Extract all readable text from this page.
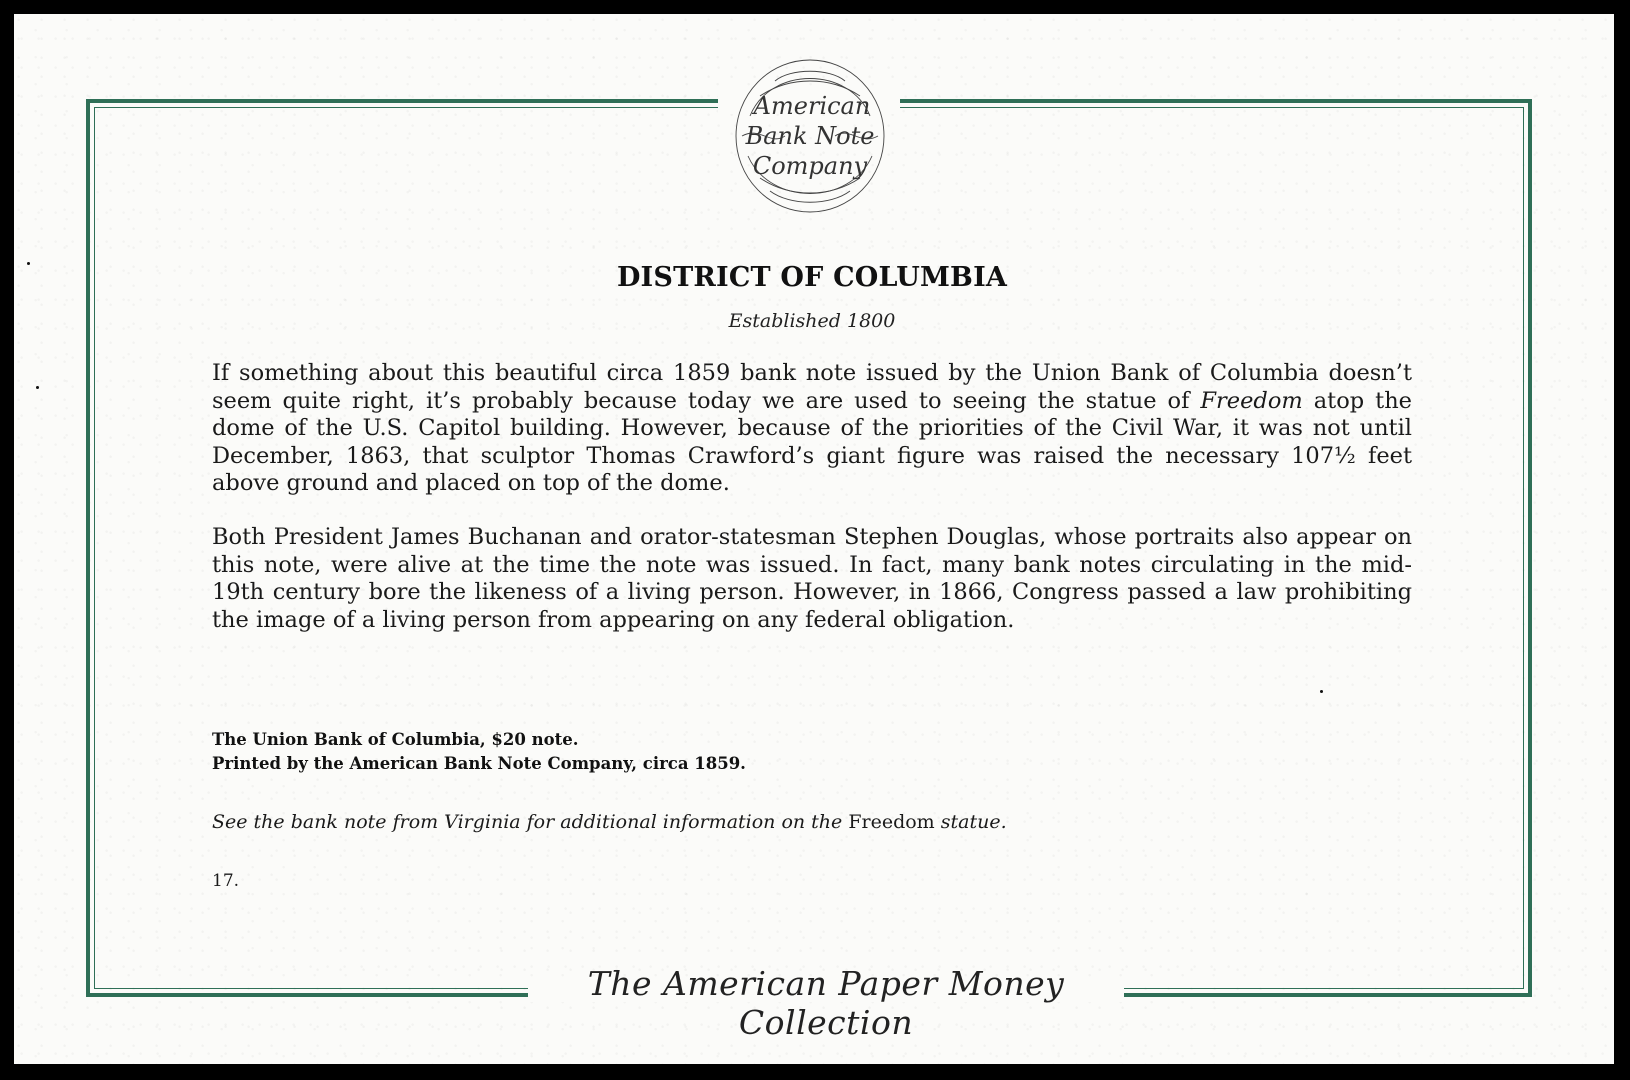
American
Bank Note
Company
DISTRICT OF COLUMBIA
Established 1800
If something about this beautiful circa 1859 bank note issued by the Union Bank of Columbia doesn’t seem quite right, it’s probably because today we are used to seeing the statue of Freedom atop the dome of the U.S. Capitol building. However, because of the priorities of the Civil War, it was not until December, 1863, that sculptor Thomas Crawford’s giant figure was raised the necessary 107½ feet above ground and placed on top of the dome.
Both President James Buchanan and orator-statesman Stephen Douglas, whose portraits also appear on this note, were alive at the time the note was issued. In fact, many bank notes circulating in the mid-19th century bore the likeness of a living person. However, in 1866, Congress passed a law prohibiting the image of a living person from appearing on any federal obligation.
The Union Bank of Columbia, $20 note.
Printed by the American Bank Note Company, circa 1859.
See the bank note from Virginia for additional information on the Freedom statue.
17.
The American Paper Money Collection
